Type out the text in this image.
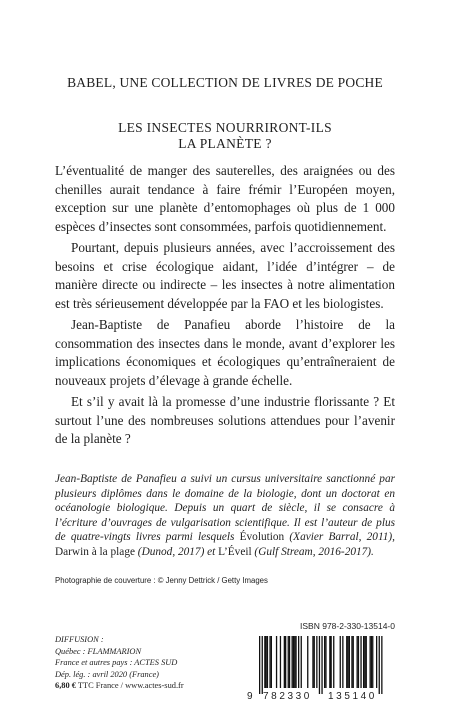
BABEL, UNE COLLECTION DE LIVRES DE POCHE
LES INSECTES NOURRIRONT-ILS
LA PLANÈTE ?

L’éventualité de manger des sauterelles, des araignées ou des chenilles aurait tendance à faire frémir l’Européen moyen, exception sur une planète d’entomophages où plus de 1 000 espèces d’insectes sont consommées, parfois quotidiennement.

Pourtant, depuis plusieurs années, avec l’accroissement des besoins et crise écologique aidant, l’idée d’intégrer – de manière directe ou indirecte – les insectes à notre alimentation est très sérieusement développée par la FAO et les biologistes.

Jean-Baptiste de Panafieu aborde l’histoire de la consommation des insectes dans le monde, avant d’explorer les implications économiques et écologiques qu’entraîneraient de nouveaux projets d’élevage à grande échelle.

Et s’il y avait là la promesse d’une industrie florissante ? Et surtout l’une des nombreuses solutions attendues pour l’avenir de la planète ?

Jean-Baptiste de Panafieu a suivi un cursus universitaire sanctionné par plusieurs diplômes dans le domaine de la biologie, dont un doctorat en océanologie biologique. Depuis un quart de siècle, il se consacre à l’écriture d’ouvrages de vulgarisation scientifique. Il est l’auteur de plus de quatre-vingts livres parmi lesquels Évolution (Xavier Barral, 2011), Darwin à la plage (Dunod, 2017) et L’Éveil (Gulf Stream, 2016-2017).
Photographie de couverture : © Jenny Dettrick / Getty Images
ISBN 978-2-330-13514-0
DIFFUSION :
Québec : FLAMMARION
France et autres pays : ACTES SUD
Dép. lég. : avril 2020 (France)
6,80 € TTC France / www.actes-sud.fr
9 782330 135140
